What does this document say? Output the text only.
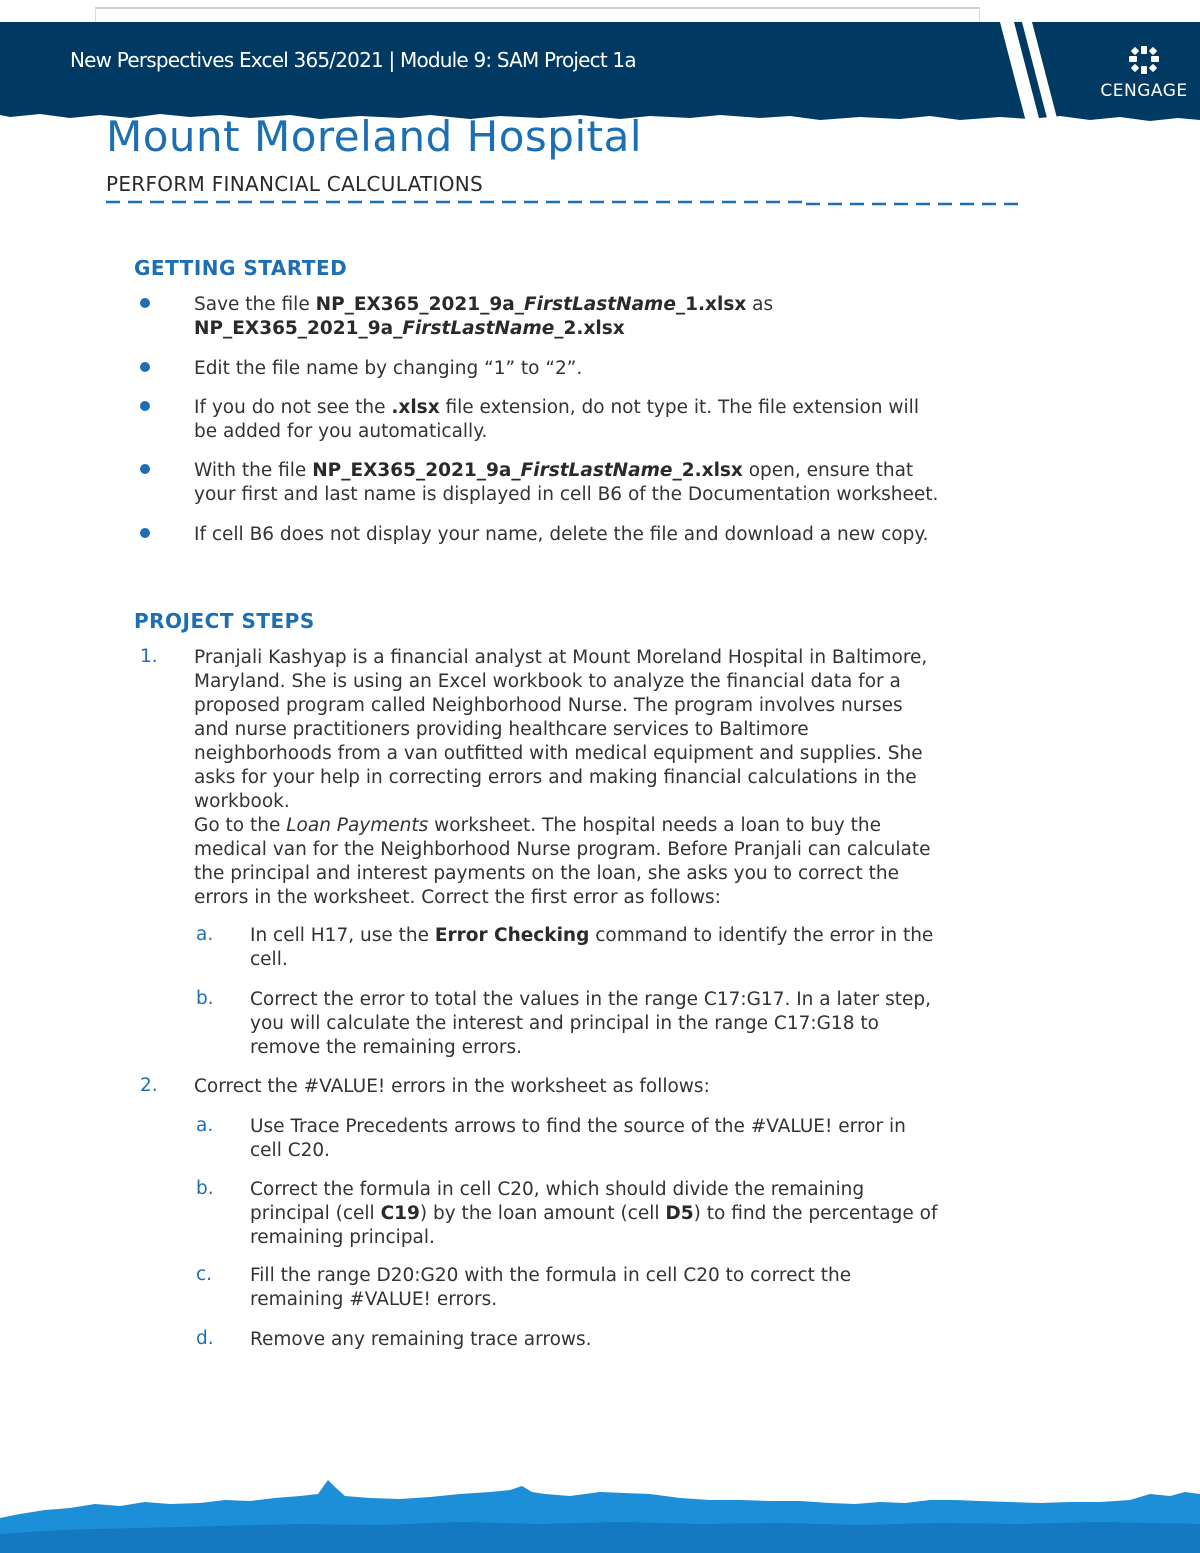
New Perspectives Excel 365/2021 | Module 9: SAM Project 1a
CENGAGE
Mount Moreland Hospital
PERFORM FINANCIAL CALCULATIONS
GETTING STARTED
Save the file NP_EX365_2021_9a_FirstLastName_1.xlsx as
NP_EX365_2021_9a_FirstLastName_2.xlsx
Edit the file name by changing “1” to “2”.
If you do not see the .xlsx file extension, do not type it. The file extension will
be added for you automatically.
With the file NP_EX365_2021_9a_FirstLastName_2.xlsx open, ensure that
your first and last name is displayed in cell B6 of the Documentation worksheet.
If cell B6 does not display your name, delete the file and download a new copy.
PROJECT STEPS
1. Pranjali Kashyap is a financial analyst at Mount Moreland Hospital in Baltimore,
Maryland. She is using an Excel workbook to analyze the financial data for a
proposed program called Neighborhood Nurse. The program involves nurses
and nurse practitioners providing healthcare services to Baltimore
neighborhoods from a van outfitted with medical equipment and supplies. She
asks for your help in correcting errors and making financial calculations in the
workbook.
Go to the Loan Payments worksheet. The hospital needs a loan to buy the
medical van for the Neighborhood Nurse program. Before Pranjali can calculate
the principal and interest payments on the loan, she asks you to correct the
errors in the worksheet. Correct the first error as follows:
a. In cell H17, use the Error Checking command to identify the error in the
cell.
b. Correct the error to total the values in the range C17:G17. In a later step,
you will calculate the interest and principal in the range C17:G18 to
remove the remaining errors.
2. Correct the #VALUE! errors in the worksheet as follows:
a. Use Trace Precedents arrows to find the source of the #VALUE! error in
cell C20.
b. Correct the formula in cell C20, which should divide the remaining
principal (cell C19) by the loan amount (cell D5) to find the percentage of
remaining principal.
c. Fill the range D20:G20 with the formula in cell C20 to correct the
remaining #VALUE! errors.
d. Remove any remaining trace arrows.
